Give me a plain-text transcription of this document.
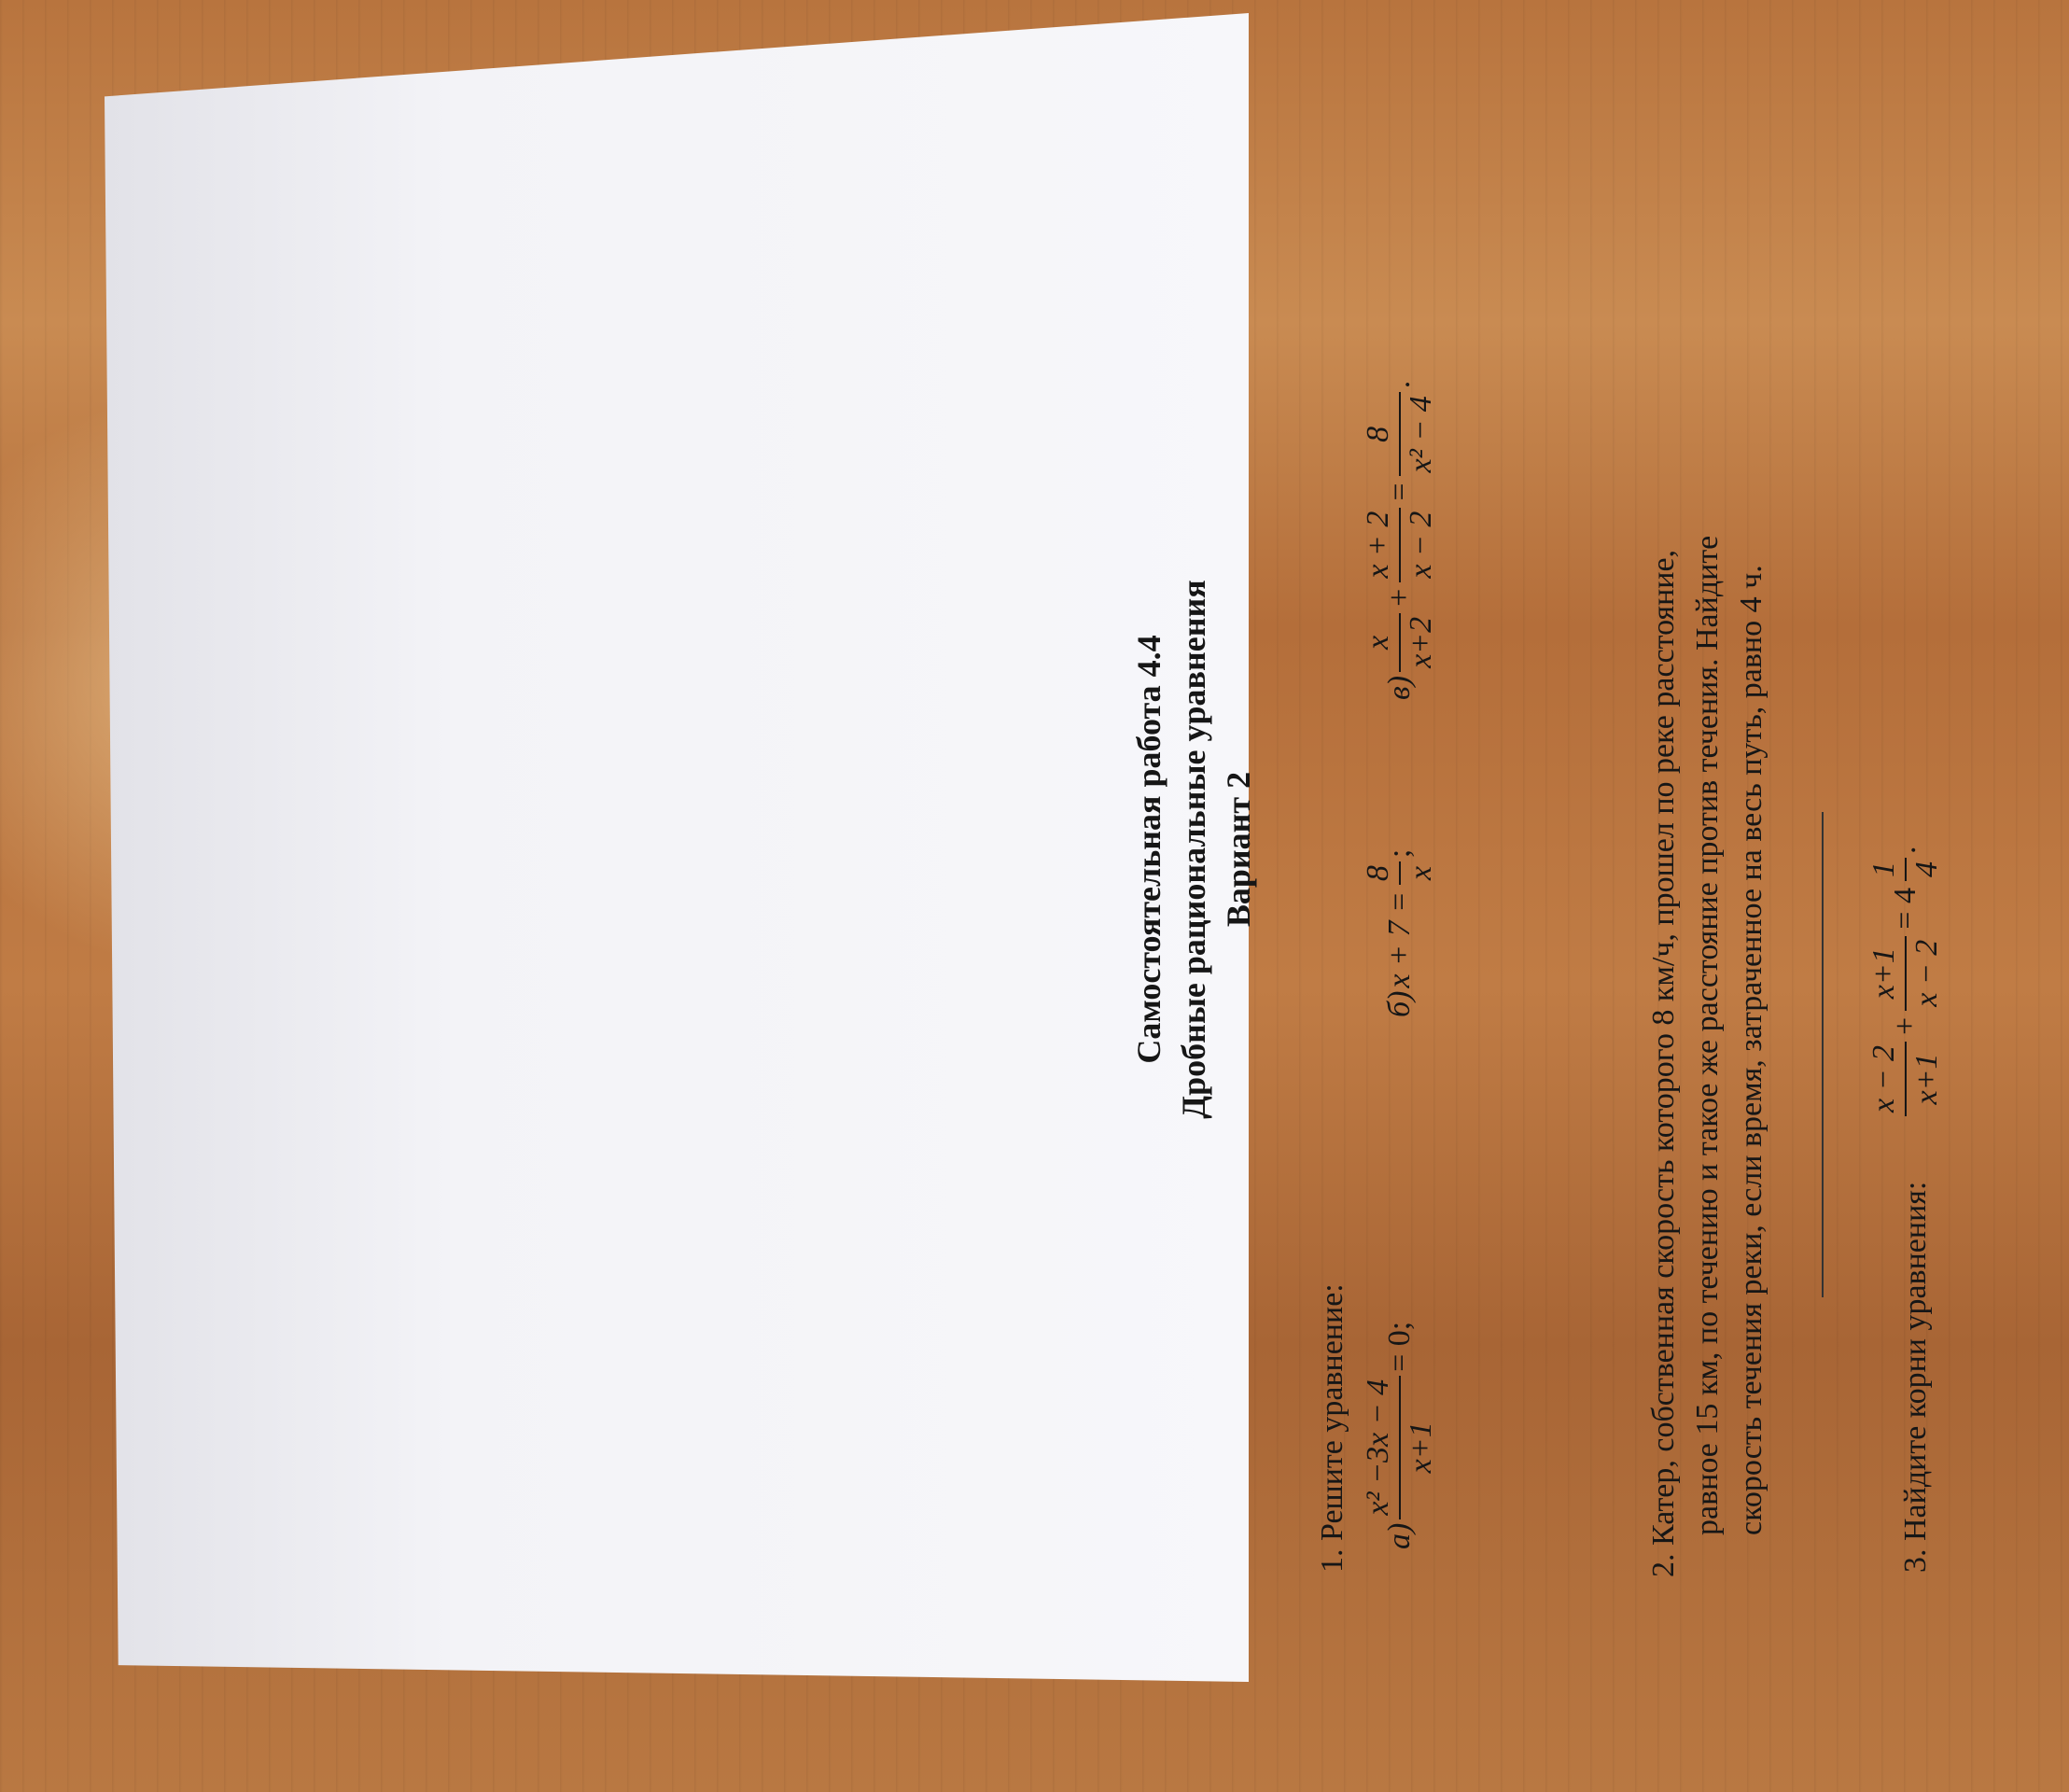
Самостоятельная работа 4.4 Дробные рациональные уравнения Вариант 2
1. Решите уравнение: а)
x² −3x − 4 x+1
= 0;
б)
x + 7 =
8 x
;
в)
x x+2
+
x + 2 x − 2
=
8 x² − 4
.
2. Катер, собственная скорость которого 8 км/ч, прошел по реке расстояние, равное 15 км, по течению и такое же расстояние против течения. Найдите скорость течения реки, если время, затраченное на весь путь, равно 4 ч.	3. Найдите корни уравнения:
x − 2 x+1
+
x+1 x − 2
= 4
1 4
.
